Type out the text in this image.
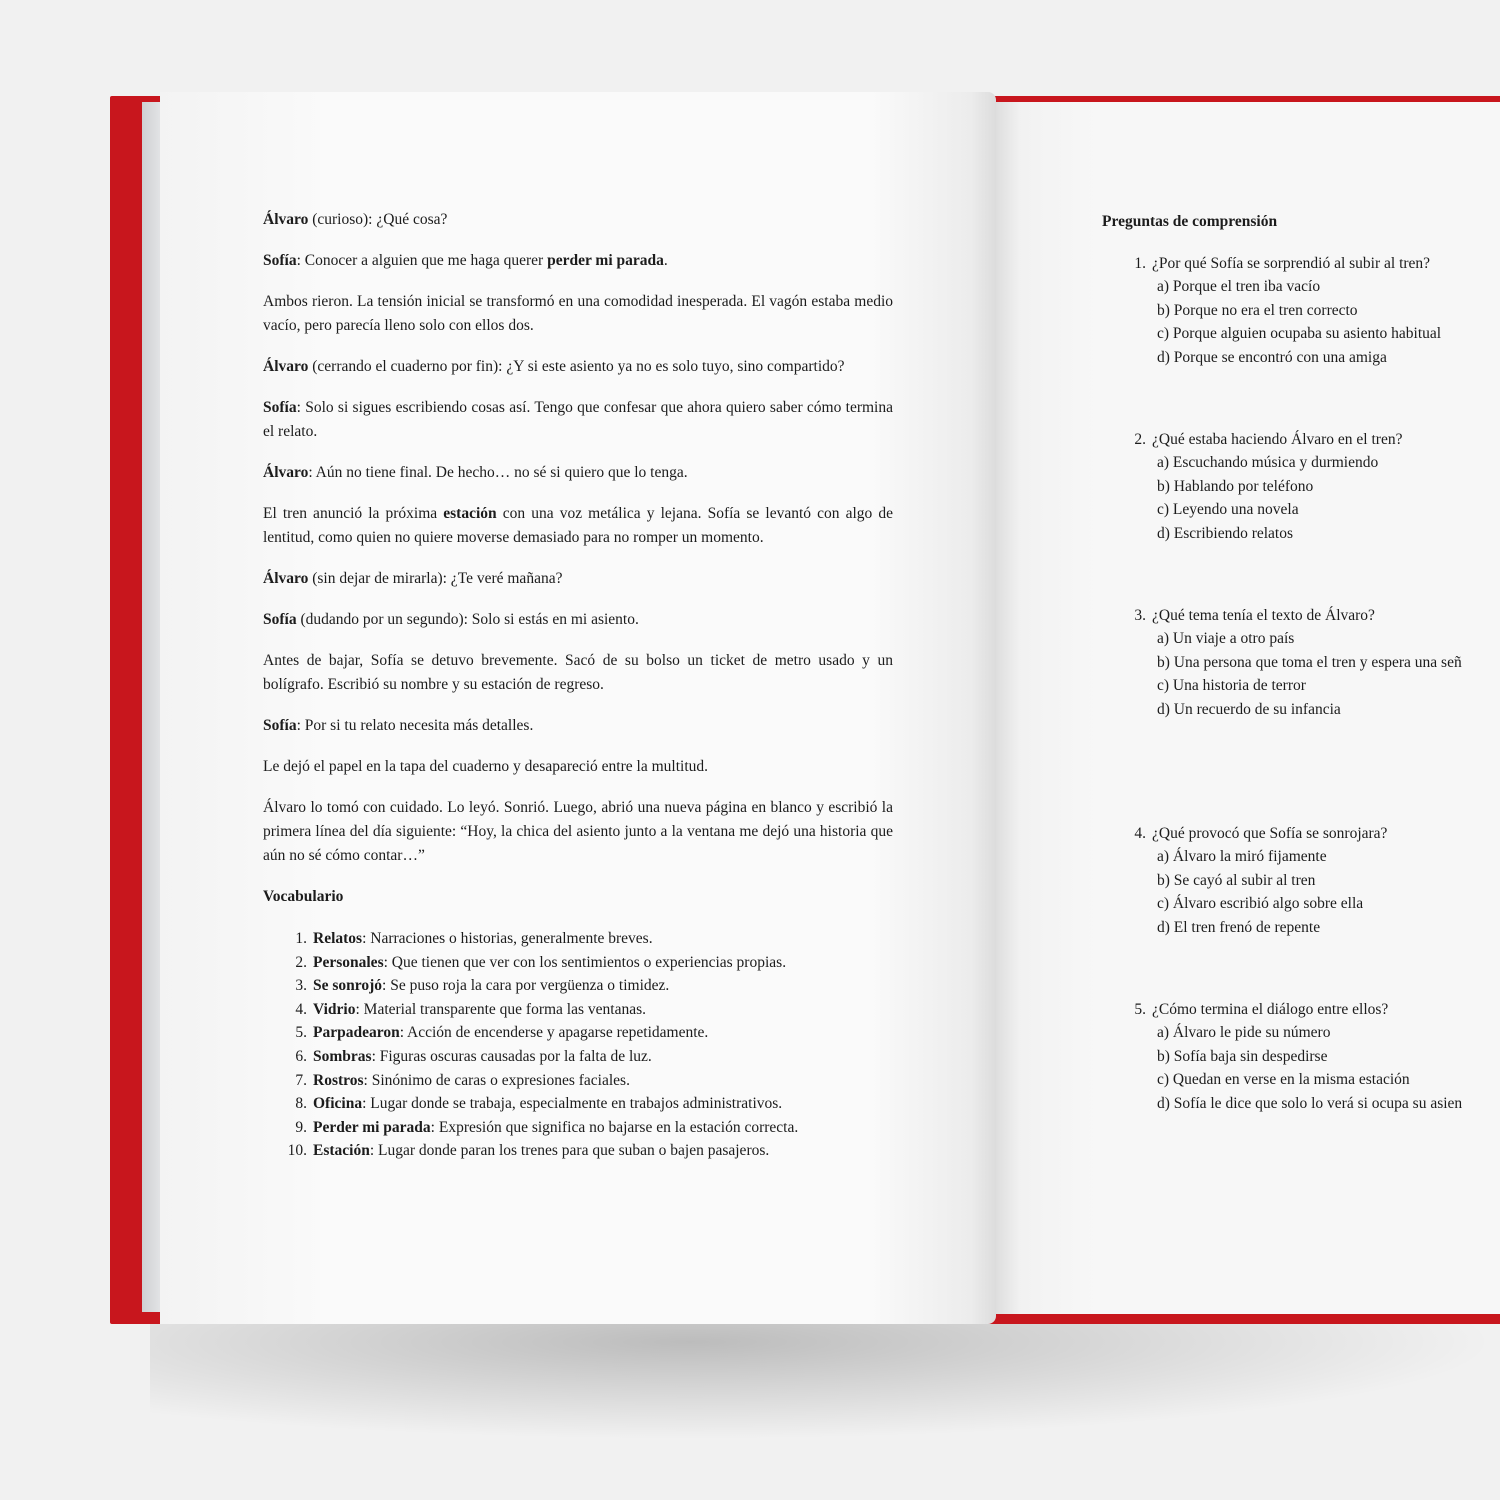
Álvaro (curioso): ¿Qué cosa?

Sofía: Conocer a alguien que me haga querer perder mi parada.

Ambos rieron. La tensión inicial se transformó en una comodidad inesperada. El vagón estaba medio vacío, pero parecía lleno solo con ellos dos.

Álvaro (cerrando el cuaderno por fin): ¿Y si este asiento ya no es solo tuyo, sino compartido?

Sofía: Solo si sigues escribiendo cosas así. Tengo que confesar que ahora quiero saber cómo termina el relato.

Álvaro: Aún no tiene final. De hecho… no sé si quiero que lo tenga.

El tren anunció la próxima estación con una voz metálica y lejana. Sofía se levantó con algo de lentitud, como quien no quiere moverse demasiado para no romper un momento.

Álvaro (sin dejar de mirarla): ¿Te veré mañana?

Sofía (dudando por un segundo): Solo si estás en mi asiento.

Antes de bajar, Sofía se detuvo brevemente. Sacó de su bolso un ticket de metro usado y un bolígrafo. Escribió su nombre y su estación de regreso.

Sofía: Por si tu relato necesita más detalles.

Le dejó el papel en la tapa del cuaderno y desapareció entre la multitud.

Álvaro lo tomó con cuidado. Lo leyó. Sonrió. Luego, abrió una nueva página en blanco y escribió la primera línea del día siguiente: “Hoy, la chica del asiento junto a la ventana me dejó una historia que aún no sé cómo contar…”

Vocabulario
1. Relatos: Narraciones o historias, generalmente breves.
2. Personales: Que tienen que ver con los sentimientos o experiencias propias.
3. Se sonrojó: Se puso roja la cara por vergüenza o timidez.
4. Vidrio: Material transparente que forma las ventanas.
5. Parpadearon: Acción de encenderse y apagarse repetidamente.
6. Sombras: Figuras oscuras causadas por la falta de luz.
7. Rostros: Sinónimo de caras o expresiones faciales.
8. Oficina: Lugar donde se trabaja, especialmente en trabajos administrativos.
9. Perder mi parada: Expresión que significa no bajarse en la estación correcta.
10. Estación: Lugar donde paran los trenes para que suban o bajen pasajeros.
Preguntas de comprensión
1. ¿Por qué Sofía se sorprendió al subir al tren?
a) Porque el tren iba vacío
b) Porque no era el tren correcto
c) Porque alguien ocupaba su asiento habitual
d) Porque se encontró con una amiga
2. ¿Qué estaba haciendo Álvaro en el tren?
a) Escuchando música y durmiendo
b) Hablando por teléfono
c) Leyendo una novela
d) Escribiendo relatos
3. ¿Qué tema tenía el texto de Álvaro?
a) Un viaje a otro país
b) Una persona que toma el tren y espera una señ
c) Una historia de terror
d) Un recuerdo de su infancia
4. ¿Qué provocó que Sofía se sonrojara?
a) Álvaro la miró fijamente
b) Se cayó al subir al tren
c) Álvaro escribió algo sobre ella
d) El tren frenó de repente
5. ¿Cómo termina el diálogo entre ellos?
a) Álvaro le pide su número
b) Sofía baja sin despedirse
c) Quedan en verse en la misma estación
d) Sofía le dice que solo lo verá si ocupa su asien
